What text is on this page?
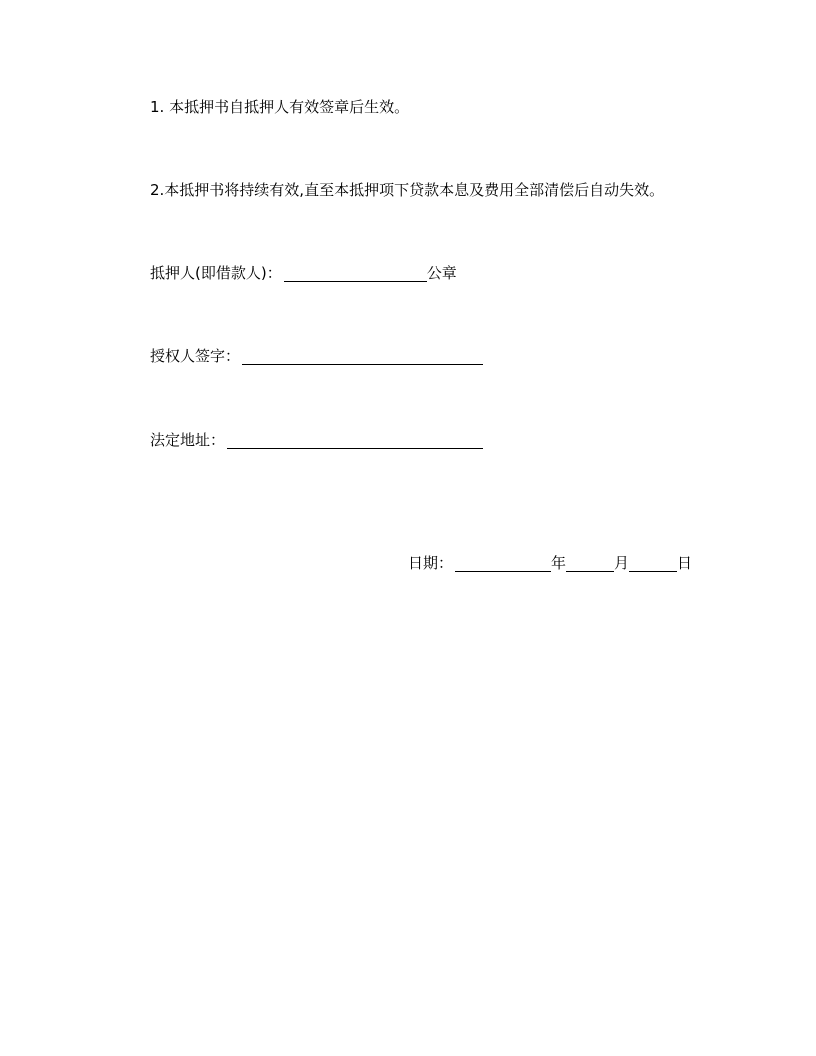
1. 本抵押书自抵押人有效签章后生效。
2.本抵押书将持续有效,直至本抵押项下贷款本息及费用全部清偿后自动失效。
抵押人(即借款人)：	公章
授权人签字：
法定地址：
日期：	年	月	日
